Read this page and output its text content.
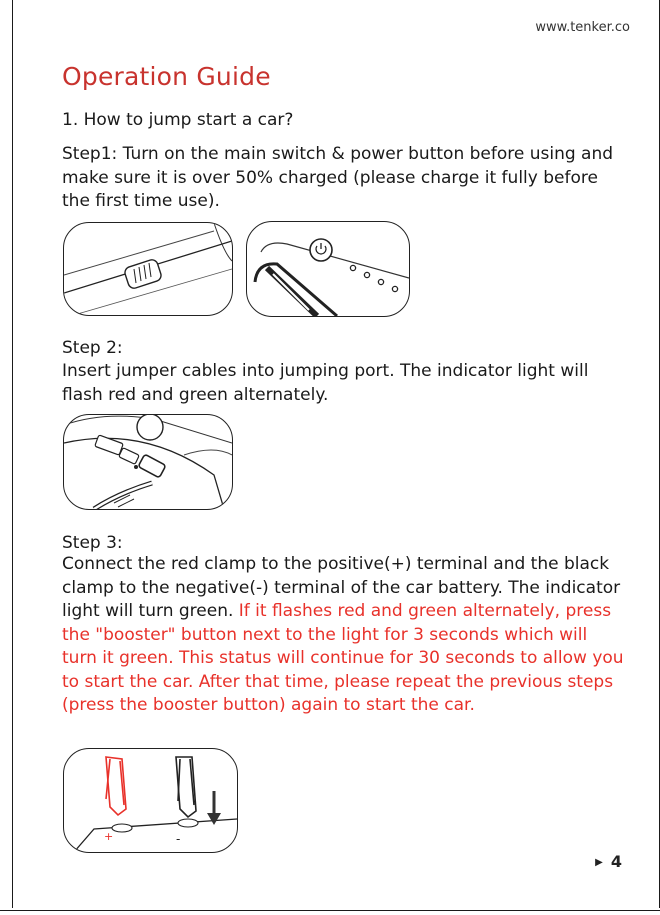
www.tenker.co
Operation Guide
1. How to jump start a car?
Step1: Turn on the main switch & power button before using and make sure it is over 50% charged (please charge it fully before the first time use).
Step 2:
Insert jumper cables into jumping port. The indicator light will flash red and green alternately.
Step 3:
Connect the red clamp to the positive(+) terminal and the black clamp to the negative(-) terminal of the car battery. The indicator light will turn green. If it flashes red and green alternately, press the "booster" button next to the light for 3 seconds which will turn it green. This status will continue for 30 seconds to allow you to start the car. After that time, please repeat the previous steps (press the booster button) again to start the car.
+	-
▶ 4
